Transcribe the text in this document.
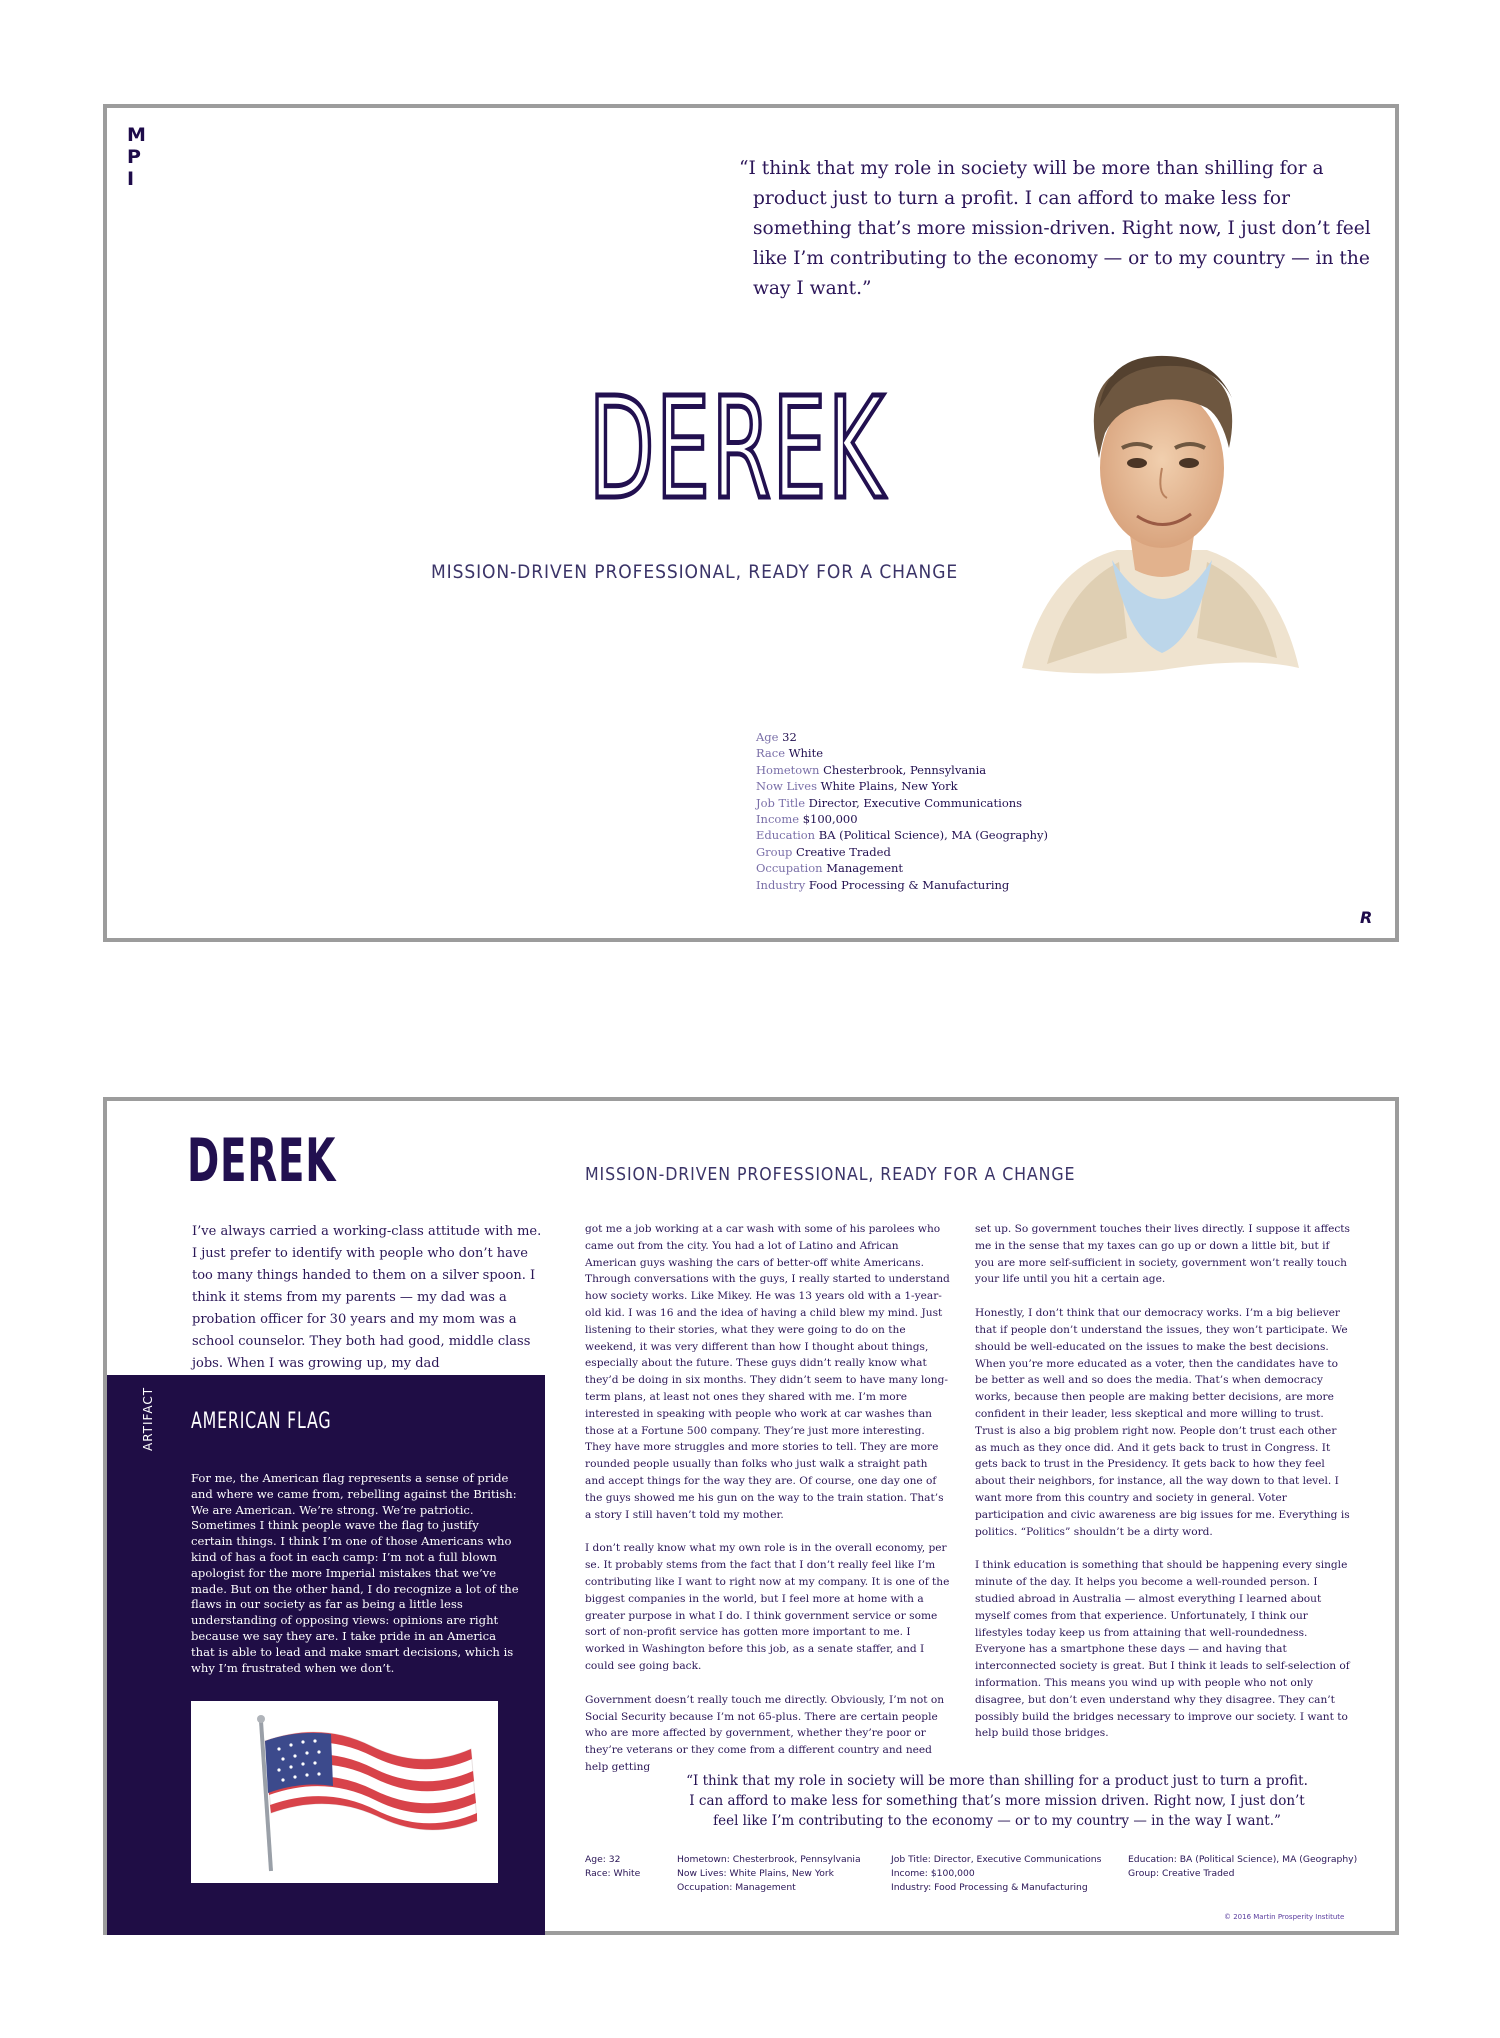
M
P
I	“I think that my role in society will be more than shilling for a product just to turn a profit. I can afford to make less for something that’s more mission-driven. Right now, I just don’t feel like I’m contributing to the economy — or to my country — in the way I want.”
DEREK
MISSION-DRIVEN PROFESSIONAL, READY FOR A CHANGE
Age 32
Race White
Hometown Chesterbrook, Pennsylvania
Now Lives White Plains, New York
Job Title Director, Executive Communications
Income $100,000
Education BA (Political Science), MA (Geography)
Group Creative Traded
Occupation Management
Industry Food Processing & Manufacturing
R
DEREK	MISSION-DRIVEN PROFESSIONAL, READY FOR A CHANGE
I’ve always carried a working-class attitude with me. I just prefer to identify with people who don’t have too many things handed to them on a silver spoon. I think it stems from my parents — my dad was a probation officer for 30 years and my mom was a school counselor. They both had good, middle class jobs. When I was growing up, my dad
ARTIFACT AMERICAN FLAG
For me, the American flag represents a sense of pride and where we came from, rebelling against the British: We are American. We’re strong. We’re patriotic. Sometimes I think people wave the flag to justify certain things. I think I’m one of those Americans who kind of has a foot in each camp: I’m not a full blown apologist for the more Imperial mistakes that we’ve made. But on the other hand, I do recognize a lot of the flaws in our society as far as being a little less understanding of opposing views: opinions are right because we say they are. I take pride in an America that is able to lead and make smart decisions, which is why I’m frustrated when we don’t.

got me a job working at a car wash with some of his parolees who came out from the city. You had a lot of Latino and African American guys washing the cars of better-off white Americans. Through conversations with the guys, I really started to understand how society works. Like Mikey. He was 13 years old with a 1-year-old kid. I was 16 and the idea of having a child blew my mind. Just listening to their stories, what they were going to do on the weekend, it was very different than how I thought about things, especially about the future. These guys didn’t really know what they’d be doing in six months. They didn’t seem to have many long-term plans, at least not ones they shared with me. I’m more interested in speaking with people who work at car washes than those at a Fortune 500 company. They’re just more interesting. They have more struggles and more stories to tell. They are more rounded people usually than folks who just walk a straight path and accept things for the way they are. Of course, one day one of the guys showed me his gun on the way to the train station. That’s a story I still haven’t told my mother.

I don’t really know what my own role is in the overall economy, per se. It probably stems from the fact that I don’t really feel like I’m contributing like I want to right now at my company. It is one of the biggest companies in the world, but I feel more at home with a greater purpose in what I do. I think government service or some sort of non-profit service has gotten more important to me. I worked in Washington before this job, as a senate staffer, and I could see going back.

Government doesn’t really touch me directly. Obviously, I’m not on Social Security because I’m not 65-plus. There are certain people who are more affected by government, whether they’re poor or they’re veterans or they come from a different country and need help getting

set up. So government touches their lives directly. I suppose it affects me in the sense that my taxes can go up or down a little bit, but if you are more self-sufficient in society, government won’t really touch your life until you hit a certain age.

Honestly, I don’t think that our democracy works. I’m a big believer that if people don’t understand the issues, they won’t participate. We should be well-educated on the issues to make the best decisions. When you’re more educated as a voter, then the candidates have to be better as well and so does the media. That’s when democracy works, because then people are making better decisions, are more confident in their leader, less skeptical and more willing to trust. Trust is also a big problem right now. People don’t trust each other as much as they once did. And it gets back to trust in Congress. It gets back to trust in the Presidency. It gets back to how they feel about their neighbors, for instance, all the way down to that level. I want more from this country and society in general. Voter participation and civic awareness are big issues for me. Everything is politics. “Politics” shouldn’t be a dirty word.

I think education is something that should be happening every single minute of the day. It helps you become a well-rounded person. I studied abroad in Australia — almost everything I learned about myself comes from that experience. Unfortunately, I think our lifestyles today keep us from attaining that well-roundedness. Everyone has a smartphone these days — and having that interconnected society is great. But I think it leads to self-selection of information. This means you wind up with people who not only disagree, but don’t even understand why they disagree. They can’t possibly build the bridges necessary to improve our society. I want to help build those bridges.

“I think that my role in society will be more than shilling for a product just to turn a profit.
I can afford to make less for something that’s more mission driven. Right now, I just don’t
feel like I’m contributing to the economy — or to my country — in the way I want.”
Age: 32
Race: White
Hometown: Chesterbrook, Pennsylvania
Now Lives: White Plains, New York
Occupation: Management
Job Title: Director, Executive Communications
Income: $100,000
Industry: Food Processing & Manufacturing
Education: BA (Political Science), MA (Geography)
Group: Creative Traded
© 2016 Martin Prosperity Institute
